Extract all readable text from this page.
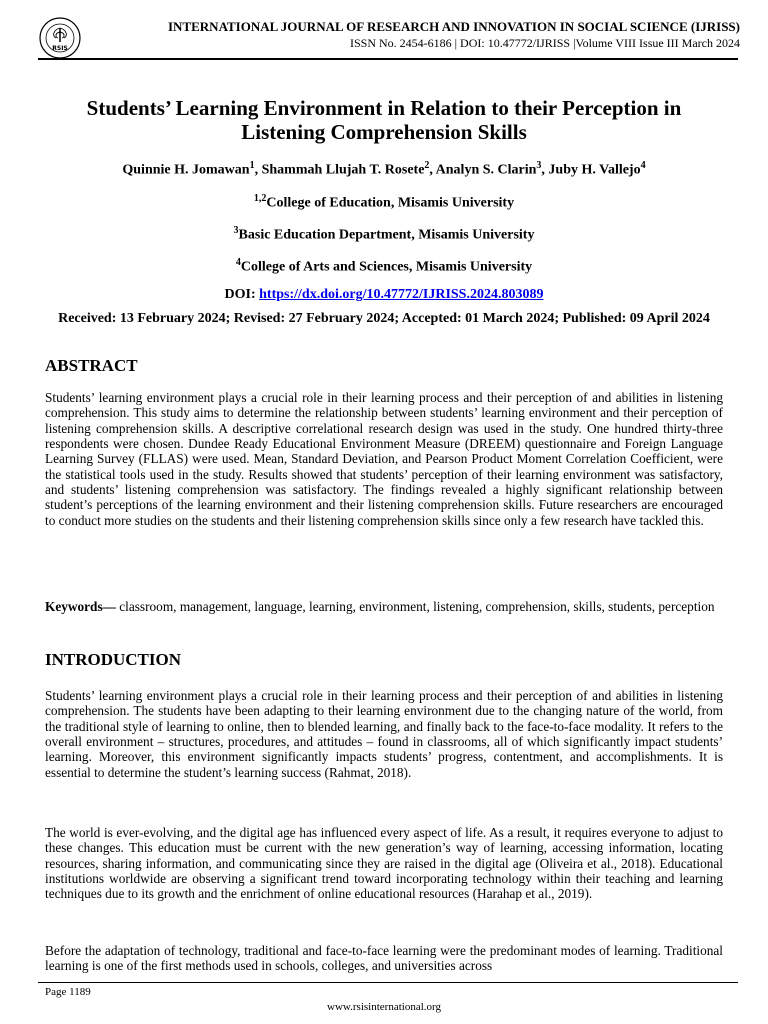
RSIS
INTERNATIONAL JOURNAL OF RESEARCH AND INNOVATION IN SOCIAL SCIENCE (IJRISS)
ISSN No. 2454-6186 | DOI: 10.47772/IJRISS |Volume VIII Issue III March 2024
Students’ Learning Environment in Relation to their Perception in Listening Comprehension Skills
Quinnie H. Jomawan$^1$, Shammah Llujah T. Rosete$^2$, Analyn S. Clarin$^3$, Juby H. Vallejo$^4$
$^{1,2}$College of Education, Misamis University
$^3$Basic Education Department, Misamis University
$^4$College of Arts and Sciences, Misamis University
DOI: https://dx.doi.org/10.47772/IJRISS.2024.803089
Received: 13 February 2024; Revised: 27 February 2024; Accepted: 01 March 2024; Published: 09 April 2024
ABSTRACT

Students’ learning environment plays a crucial role in their learning process and their perception of and abilities in listening comprehension. This study aims to determine the relationship between students’ learning environment and their perception of listening comprehension skills. A descriptive correlational research design was used in the study. One hundred thirty-three respondents were chosen. Dundee Ready Educational Environment Measure (DREEM) questionnaire and Foreign Language Learning Survey (FLLAS) were used. Mean, Standard Deviation, and Pearson Product Moment Correlation Coefficient, were the statistical tools used in the study. Results showed that students’ perception of their learning environment was satisfactory, and students’ listening comprehension was satisfactory. The findings revealed a highly significant relationship between student’s perceptions of the learning environment and their listening comprehension skills. Future researchers are encouraged to conduct more studies on the students and their listening comprehension skills since only a few research have tackled this.

Keywords— classroom, management, language, learning, environment, listening, comprehension, skills, students, perception

INTRODUCTION

Students’ learning environment plays a crucial role in their learning process and their perception of and abilities in listening comprehension. The students have been adapting to their learning environment due to the changing nature of the world, from the traditional style of learning to online, then to blended learning, and finally back to the face-to-face modality. It refers to the overall environment – structures, procedures, and attitudes – found in classrooms, all of which significantly impact students’ learning. Moreover, this environment significantly impacts students’ progress, contentment, and accomplishments. It is essential to determine the student’s learning success (Rahmat, 2018).

The world is ever-evolving, and the digital age has influenced every aspect of life. As a result, it requires everyone to adjust to these changes. This education must be current with the new generation’s way of learning, accessing information, locating resources, sharing information, and communicating since they are raised in the digital age (Oliveira et al., 2018). Educational institutions worldwide are observing a significant trend toward incorporating technology within their teaching and learning techniques due to its growth and the enrichment of online educational resources (Harahap et al., 2019).

Before the adaptation of technology, traditional and face-to-face learning were the predominant modes of learning. Traditional learning is one of the first methods used in schools, colleges, and universities across

Page 1189
www.rsisinternational.org
